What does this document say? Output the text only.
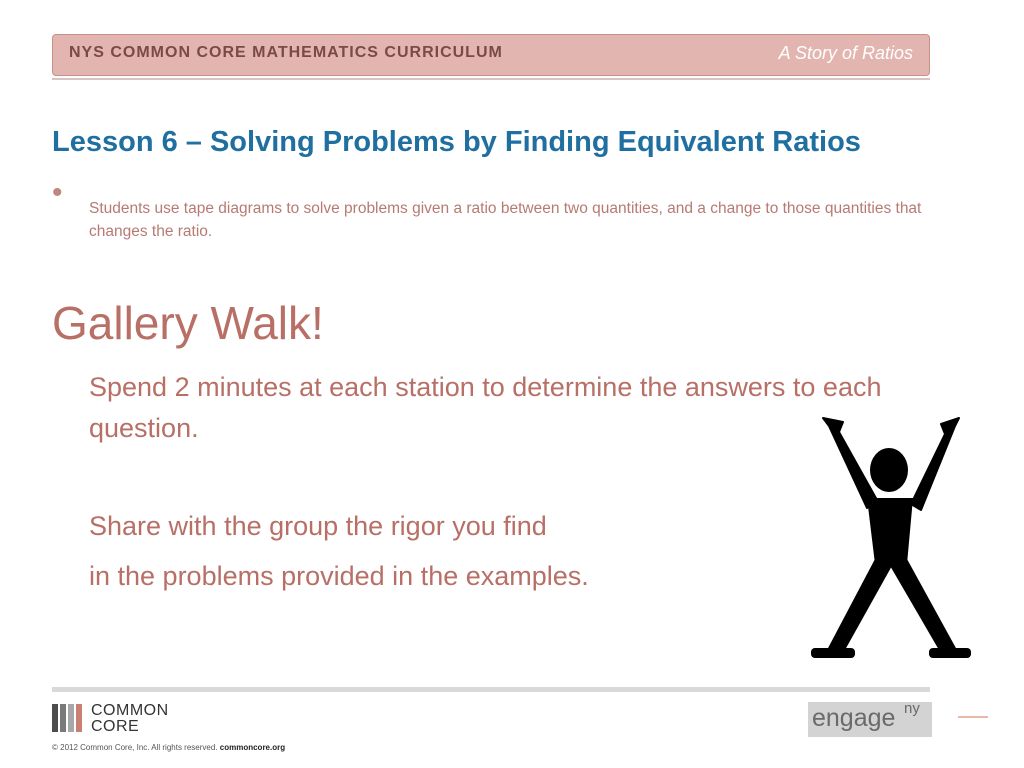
NYS COMMON CORE MATHEMATICS CURRICULUM	A Story of Ratios
Lesson 6 – Solving Problems by Finding Equivalent Ratios
• Students use tape diagrams to solve problems given a ratio between two quantities, and a change to those quantities that changes the ratio.
Gallery Walk!
Spend 2 minutes at each station to determine the answers to each question.
Share with the group the rigor you find
in the problems provided in the examples.
COMMON
CORE
© 2012 Common Core, Inc. All rights reserved. commoncore.org
engage ny
